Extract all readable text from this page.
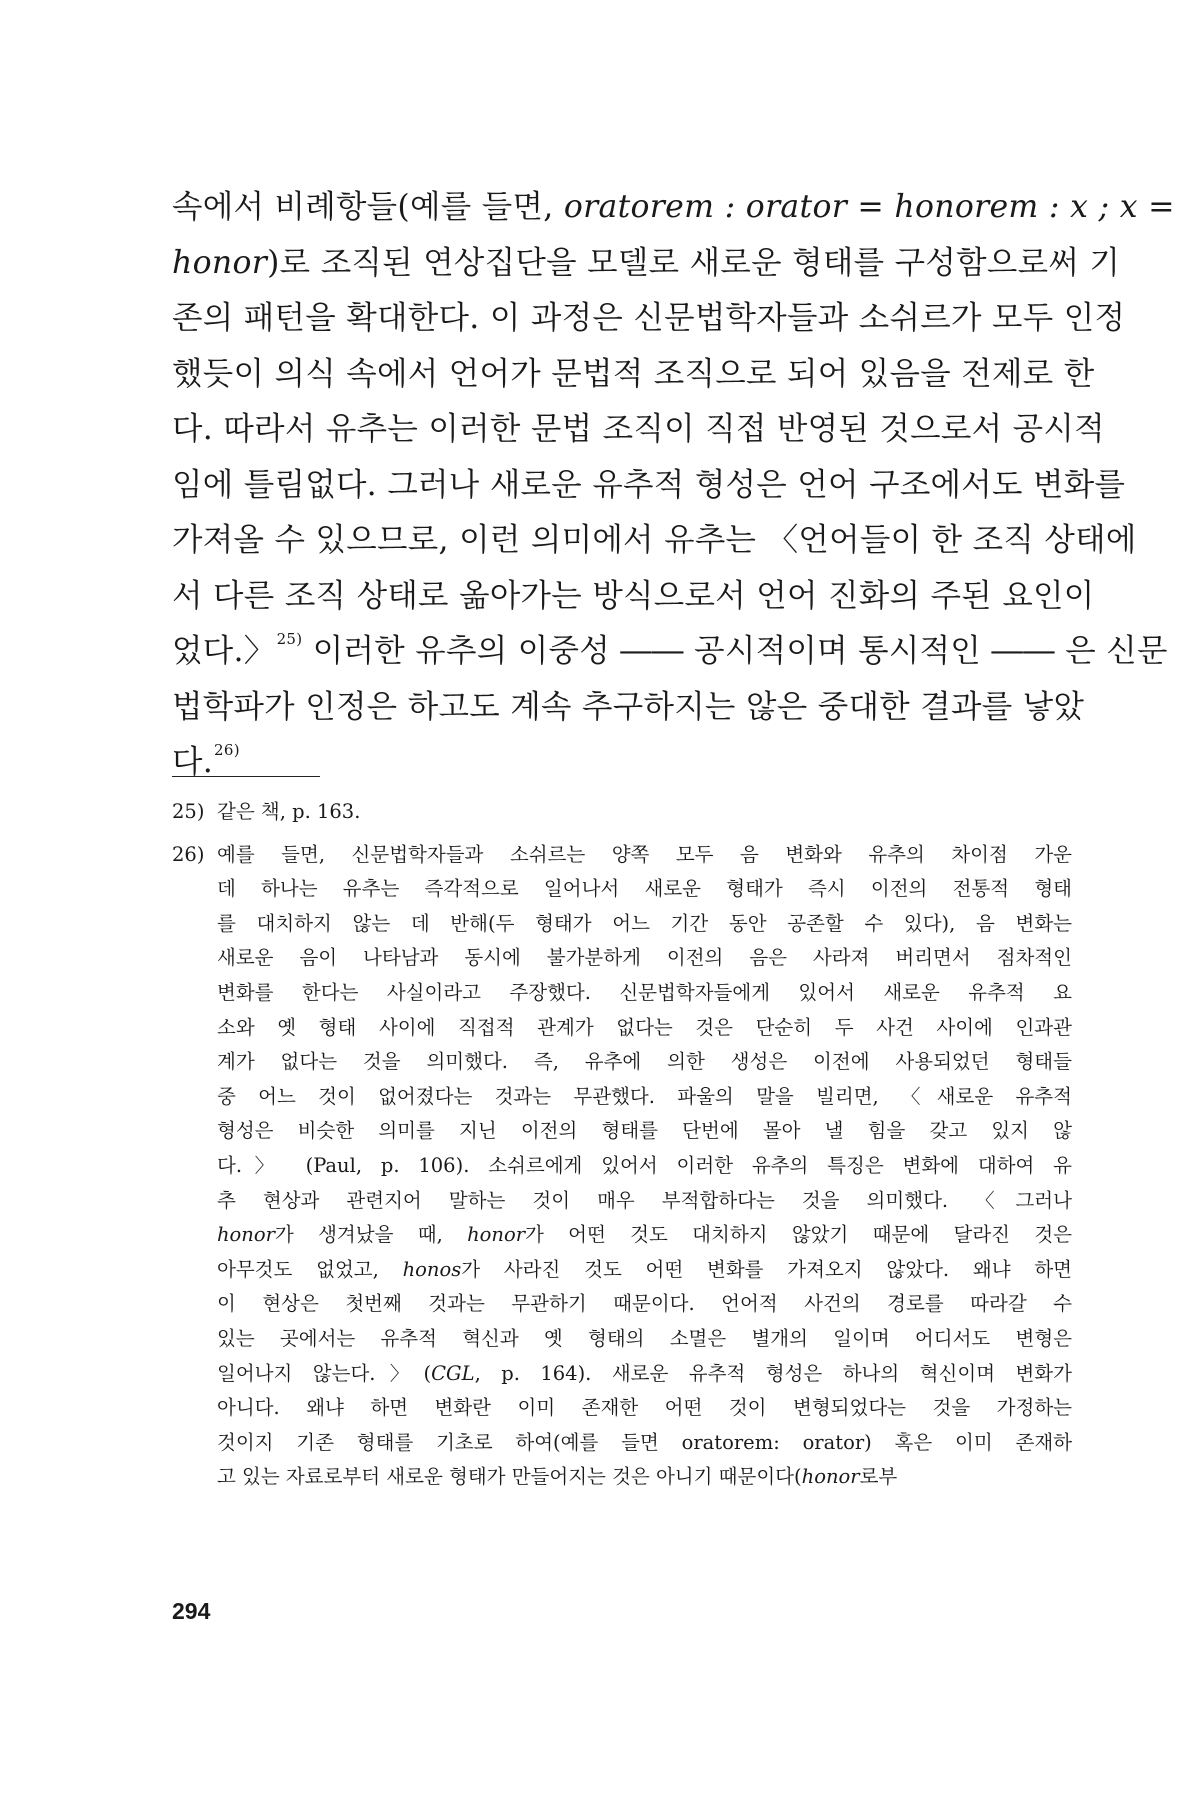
속에서 비례항들(예를 들면, oratorem : orator = honorem : x ; x =
honor)로 조직된 연상집단을 모델로 새로운 형태를 구성함으로써 기
존의 패턴을 확대한다. 이 과정은 신문법학자들과 소쉬르가 모두 인정
했듯이 의식 속에서 언어가 문법적 조직으로 되어 있음을 전제로 한
다. 따라서 유추는 이러한 문법 조직이 직접 반영된 것으로서 공시적
임에 틀림없다. 그러나 새로운 유추적 형성은 언어 구조에서도 변화를
가져올 수 있으므로, 이런 의미에서 유추는 〈언어들이 한 조직 상태에
서 다른 조직 상태로 옮아가는 방식으로서 언어 진화의 주된 요인이
었다.〉$^{25)}$ 이러한 유추의 이중성 ―― 공시적이며 통시적인 ―― 은 신문
법학파가 인정은 하고도 계속 추구하지는 않은 중대한 결과를 낳았
다.$^{26)}$
25) 같은 책, p. 163.
26) 예를 들면, 신문법학자들과 소쉬르는 양쪽 모두 음 변화와 유추의 차이점 가운
데 하나는 유추는 즉각적으로 일어나서 새로운 형태가 즉시 이전의 전통적 형태
를 대치하지 않는 데 반해(두 형태가 어느 기간 동안 공존할 수 있다), 음 변화는
새로운 음이 나타남과 동시에 불가분하게 이전의 음은 사라져 버리면서 점차적인
변화를 한다는 사실이라고 주장했다. 신문법학자들에게 있어서 새로운 유추적 요
소와 옛 형태 사이에 직접적 관계가 없다는 것은 단순히 두 사건 사이에 인과관
계가 없다는 것을 의미했다. 즉, 유추에 의한 생성은 이전에 사용되었던 형태들
중 어느 것이 없어졌다는 것과는 무관했다. 파울의 말을 빌리면, 〈새로운 유추적
형성은 비슷한 의미를 지닌 이전의 형태를 단번에 몰아 낼 힘을 갖고 있지 않
다.〉 (Paul, p. 106). 소쉬르에게 있어서 이러한 유추의 특징은 변화에 대하여 유
추 현상과 관련지어 말하는 것이 매우 부적합하다는 것을 의미했다. 〈그러나
honor가 생겨났을 때, honor가 어떤 것도 대치하지 않았기 때문에 달라진 것은
아무것도 없었고, honos가 사라진 것도 어떤 변화를 가져오지 않았다. 왜냐 하면
이 현상은 첫번째 것과는 무관하기 때문이다. 언어적 사건의 경로를 따라갈 수
있는 곳에서는 유추적 혁신과 옛 형태의 소멸은 별개의 일이며 어디서도 변형은
일어나지 않는다.〉(CGL, p. 164). 새로운 유추적 형성은 하나의 혁신이며 변화가
아니다. 왜냐 하면 변화란 이미 존재한 어떤 것이 변형되었다는 것을 가정하는
것이지 기존 형태를 기초로 하여(예를 들면 oratorem: orator) 혹은 이미 존재하
고 있는 자료로부터 새로운 형태가 만들어지는 것은 아니기 때문이다(honor로부
294
